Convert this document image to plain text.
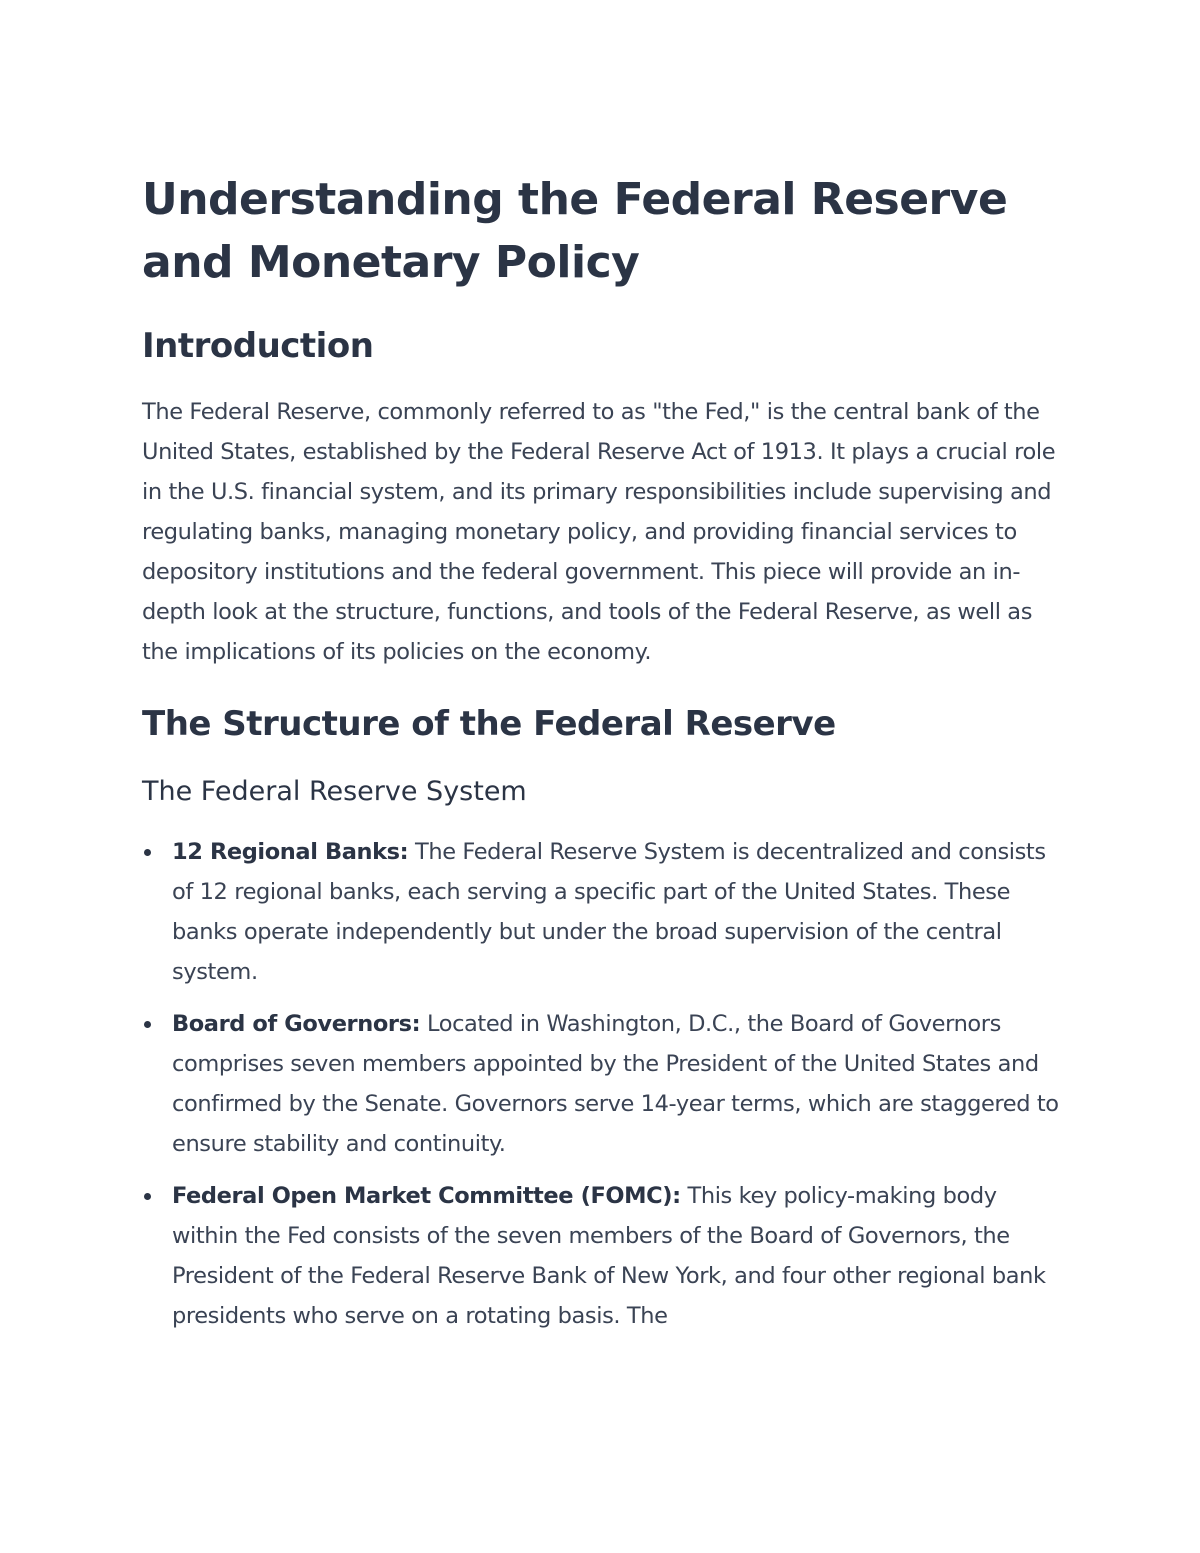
Understanding the Federal Reserve and Monetary Policy
Introduction

The Federal Reserve, commonly referred to as "the Fed," is the central bank of the United States, established by the Federal Reserve Act of 1913. It plays a crucial role in the U.S. financial system, and its primary responsibilities include supervising and regulating banks, managing monetary policy, and providing financial services to depository institutions and the federal government. This piece will provide an in-depth look at the structure, functions, and tools of the Federal Reserve, as well as the implications of its policies on the economy.

The Structure of the Federal Reserve
The Federal Reserve System
12 Regional Banks: The Federal Reserve System is decentralized and consists of 12 regional banks, each serving a specific part of the United States. These banks operate independently but under the broad supervision of the central system.
Board of Governors: Located in Washington, D.C., the Board of Governors comprises seven members appointed by the President of the United States and confirmed by the Senate. Governors serve 14-year terms, which are staggered to ensure stability and continuity.
Federal Open Market Committee (FOMC): This key policy-making body within the Fed consists of the seven members of the Board of Governors, the President of the Federal Reserve Bank of New York, and four other regional bank presidents who serve on a rotating basis. The
